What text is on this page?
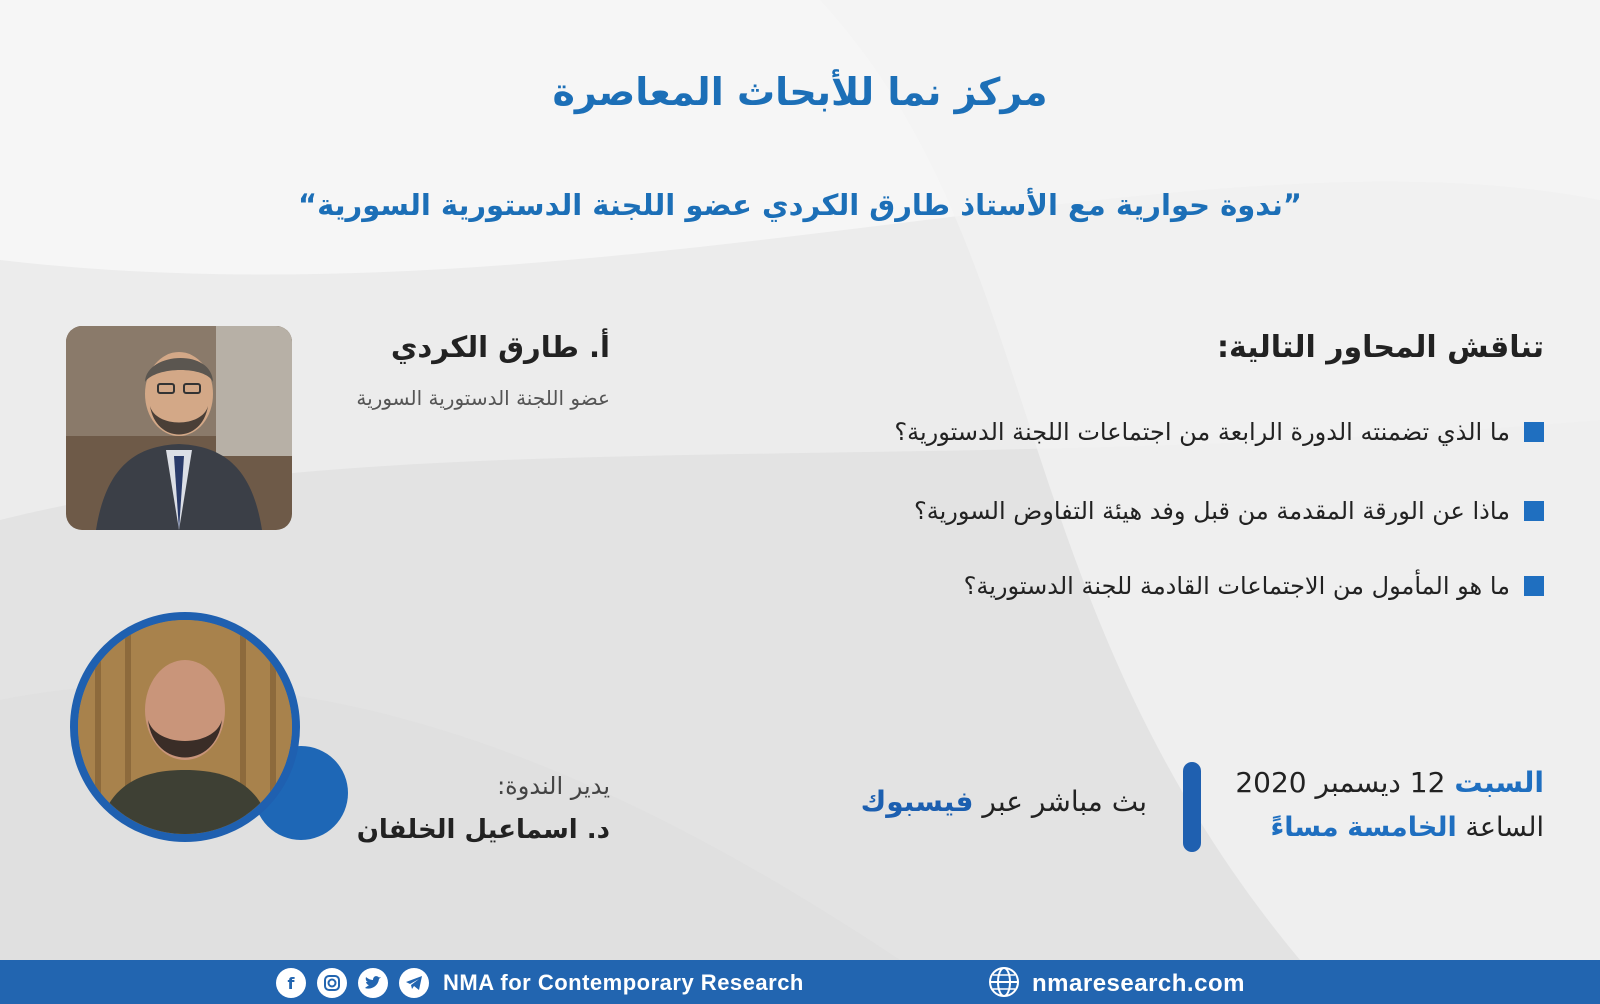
مركز نما للأبحاث المعاصرة
”ندوة حوارية مع الأستاذ طارق الكردي عضو اللجنة الدستورية السورية“
تناقش المحاور التالية:
ما الذي تضمنته الدورة الرابعة من اجتماعات اللجنة الدستورية؟
ماذا عن الورقة المقدمة من قبل وفد هيئة التفاوض السورية؟
ما هو المأمول من الاجتماعات القادمة للجنة الدستورية؟
أ. طارق الكردي
عضو اللجنة الدستورية السورية
يدير الندوة:
د. اسماعيل الخلفان
بث مباشر عبر فيسبوك
السبت 12 ديسمبر 2020
الساعة الخامسة مساءً
f	NMA for Contemporary Research	nmaresearch.com
